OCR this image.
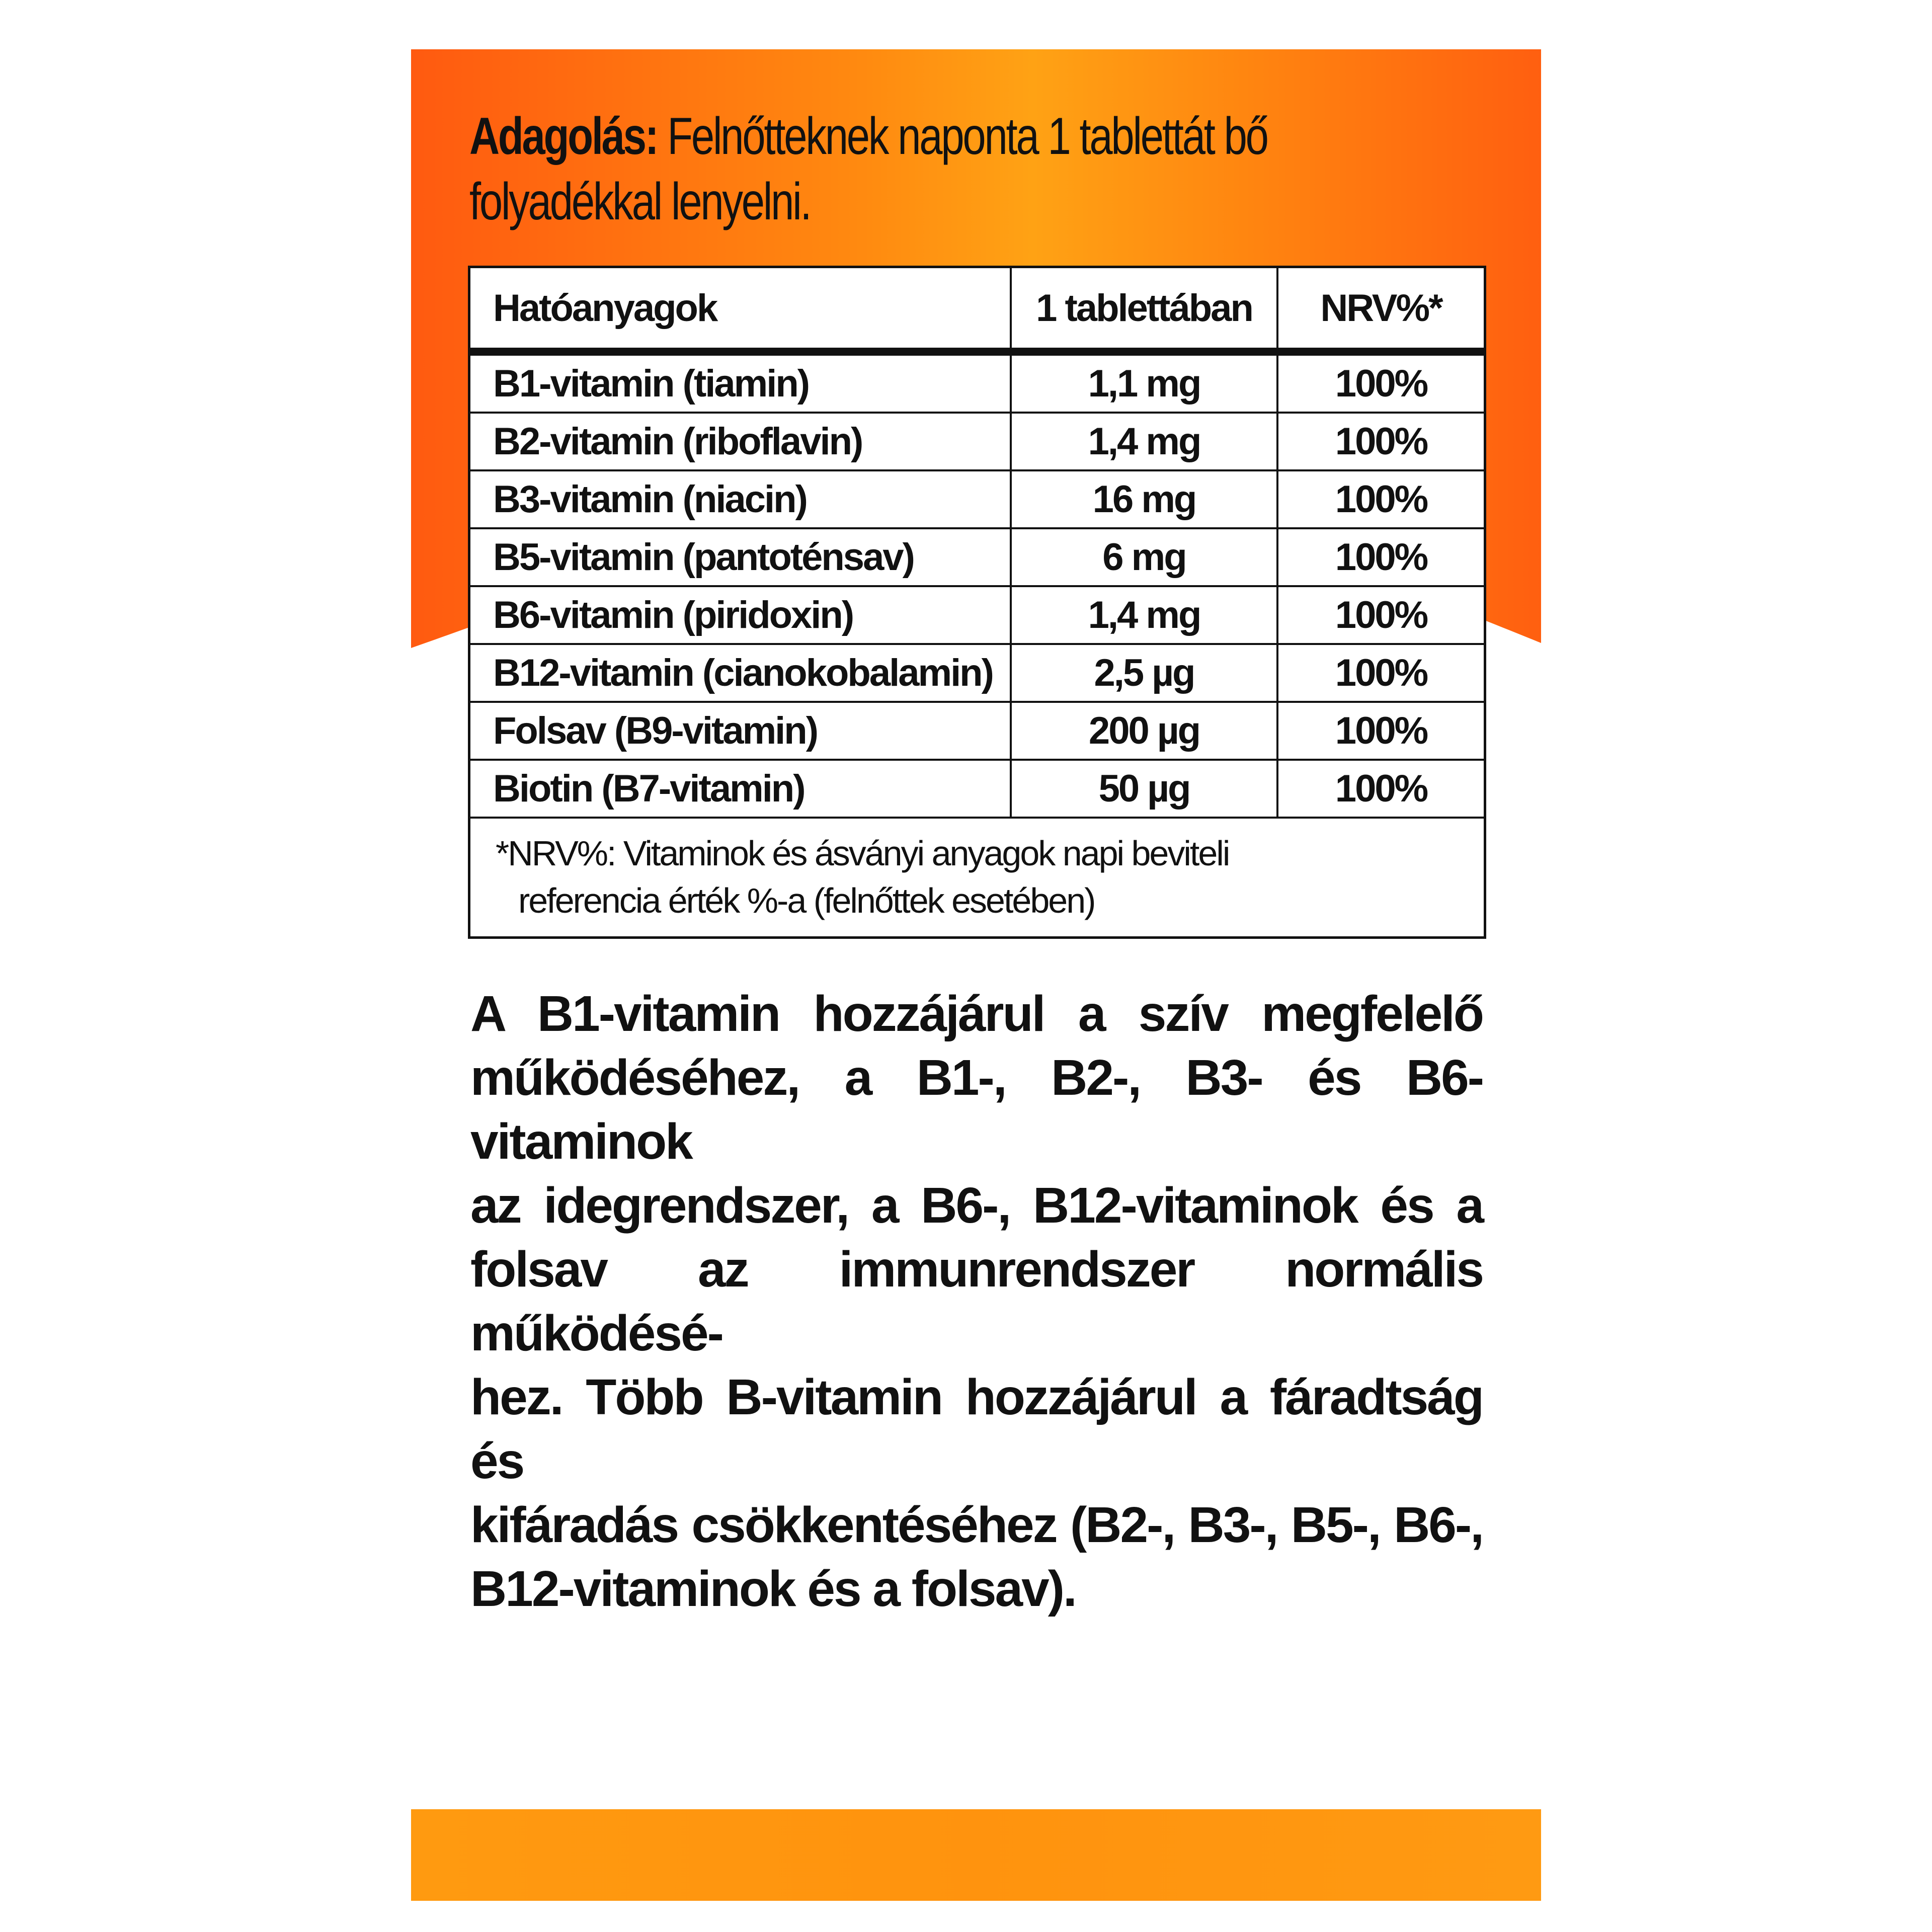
Adagolás: Felnőtteknek naponta 1 tablettát bő
folyadékkal lenyelni.
Hatóanyagok	1 tablettában	NRV%*
B1-vitamin (tiamin)	1,1 mg	100%
B2-vitamin (riboflavin)	1,4 mg	100%
B3-vitamin (niacin)	16 mg	100%
B5-vitamin (pantoténsav)	6 mg	100%
B6-vitamin (piridoxin)	1,4 mg	100%
B12-vitamin (cianokobalamin)	2,5 µg	100%
Folsav (B9-vitamin)	200 µg	100%
Biotin (B7-vitamin)	50 µg	100%
*NRV%: Vitaminok és ásványi anyagok napi beviteli
referencia érték %-a (felnőttek esetében)
A B1-vitamin hozzájárul a szív megfelelő
működéséhez, a B1-, B2-, B3- és B6-vitaminok
az idegrendszer, a B6-, B12-vitaminok és a
folsav az immunrendszer normális működésé-
hez. Több B-vitamin hozzájárul a fáradtság és
kifáradás csökkentéséhez (B2-, B3-, B5-, B6-,
B12-vitaminok és a folsav).
